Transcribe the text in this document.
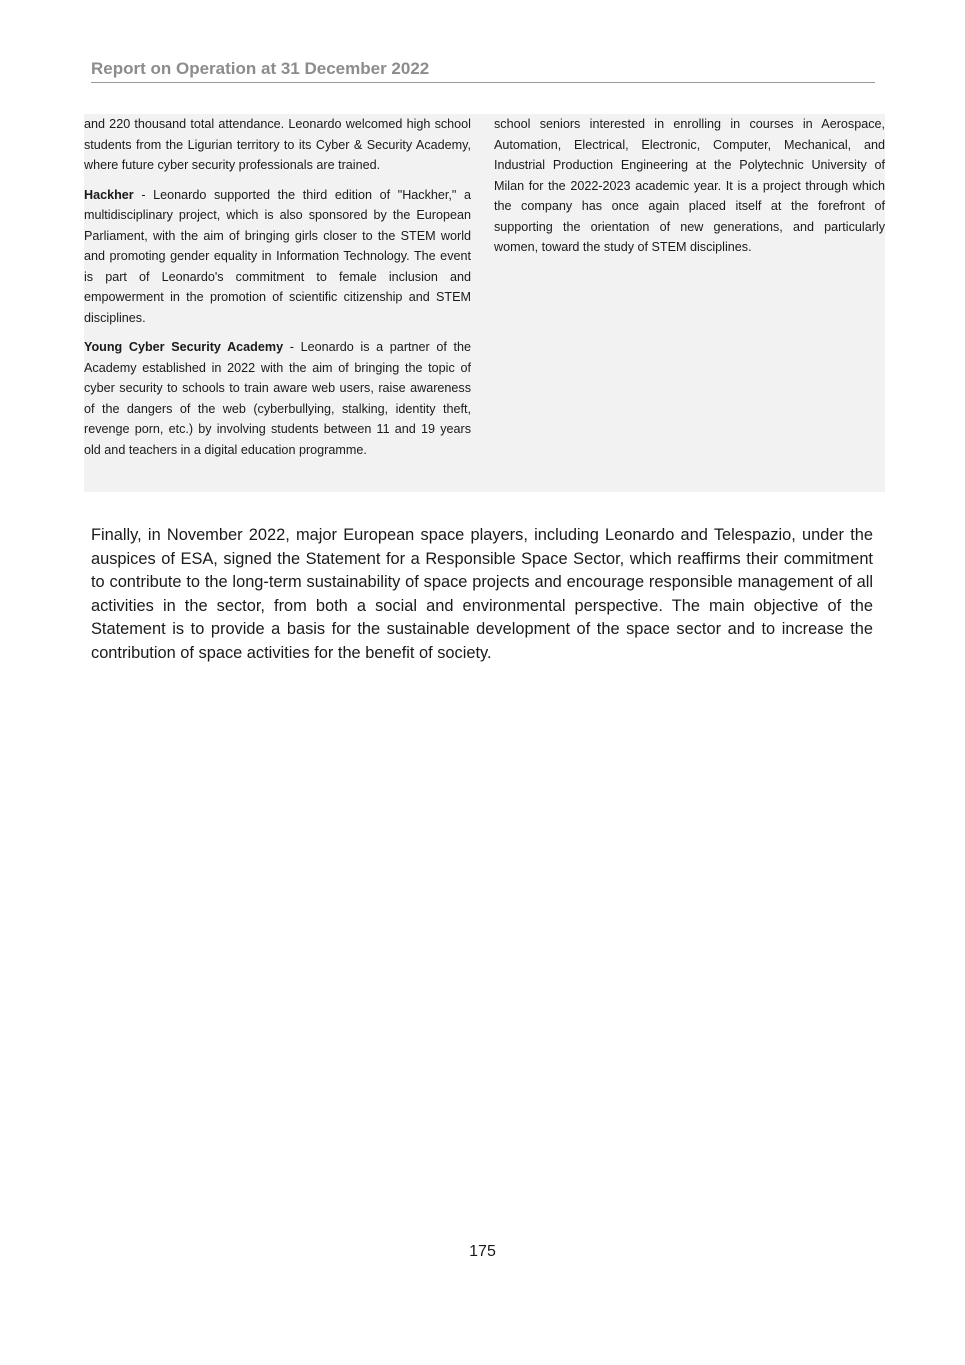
Report on Operation at 31 December 2022

and 220 thousand total attendance. Leonardo welcomed high school students from the Ligurian territory to its Cyber & Security Academy, where future cyber security professionals are trained.

Hackher - Leonardo supported the third edition of "Hackher," a multidisciplinary project, which is also sponsored by the European Parliament, with the aim of bringing girls closer to the STEM world and promoting gender equality in Information Technology. The event is part of Leonardo's commitment to female inclusion and empowerment in the promotion of scientific citizenship and STEM disciplines.

Young Cyber Security Academy - Leonardo is a partner of the Academy established in 2022 with the aim of bringing the topic of cyber security to schools to train aware web users, raise awareness of the dangers of the web (cyberbullying, stalking, identity theft, revenge porn, etc.) by involving students between 11 and 19 years old and teachers in a digital education programme.

school seniors interested in enrolling in courses in Aerospace, Automation, Electrical, Electronic, Computer, Mechanical, and Industrial Production Engineering at the Polytechnic University of Milan for the 2022-2023 academic year. It is a project through which the company has once again placed itself at the forefront of supporting the orientation of new generations, and particularly women, toward the study of STEM disciplines.

Finally, in November 2022, major European space players, including Leonardo and Telespazio, under the auspices of ESA, signed the Statement for a Responsible Space Sector, which reaffirms their commitment to contribute to the long-term sustainability of space projects and encourage responsible management of all activities in the sector, from both a social and environmental perspective. The main objective of the Statement is to provide a basis for the sustainable development of the space sector and to increase the contribution of space activities for the benefit of society.

175
